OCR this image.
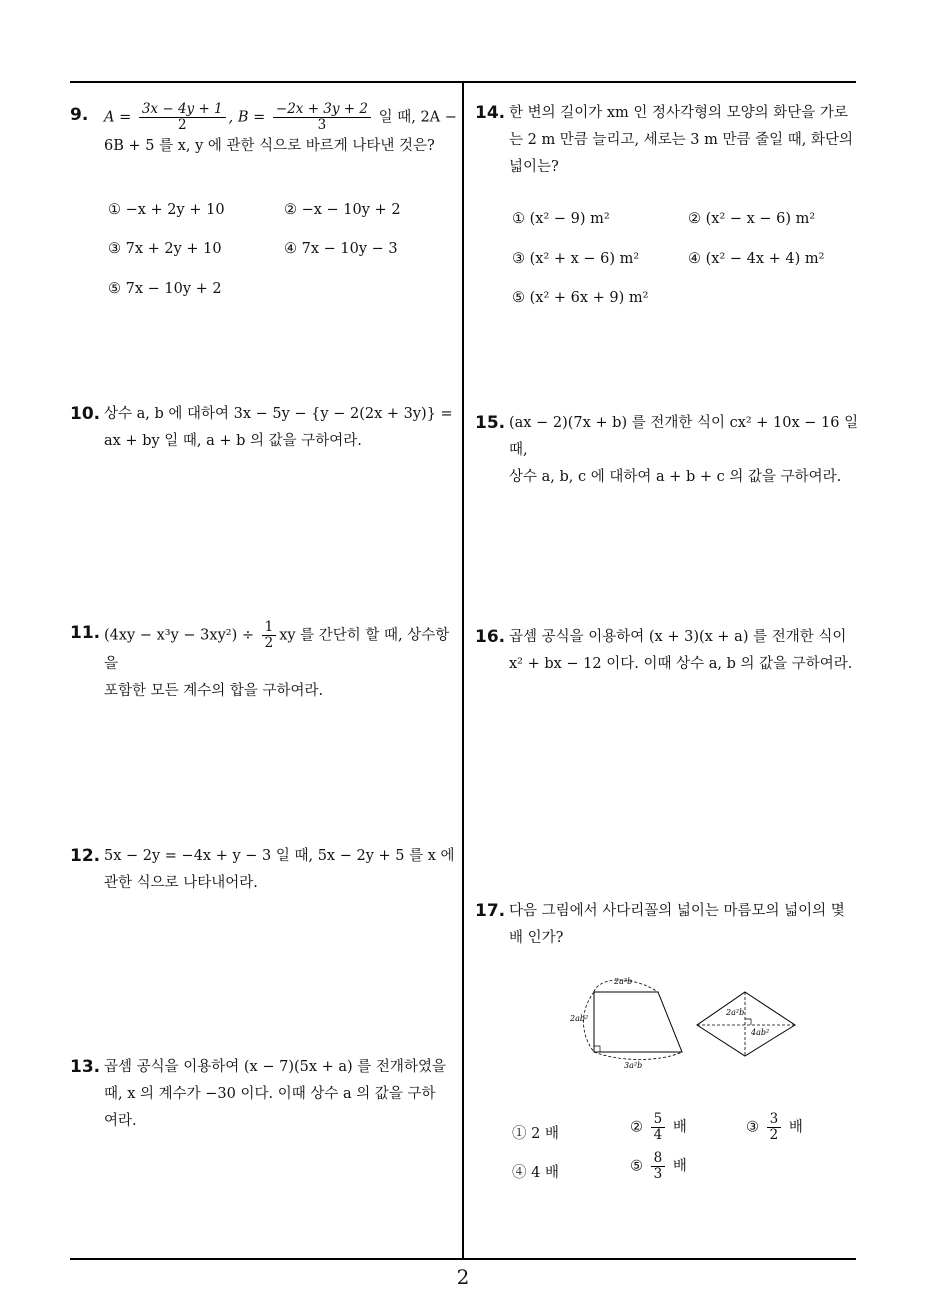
9. $A = \frac{3x - 4y + 1}{2}$ , $B = \frac{-2x + 3y + 2}{3}$ 일 때, 2A −
6B + 5 를 x, y 에 관한 식으로 바르게 나타낸 것은?
① −x + 2y + 10	② −x − 10y + 2
③ 7x + 2y + 10	④ 7x − 10y − 3
⑤ 7x − 10y + 2
10. 상수 a, b 에 대하여 3x − 5y − {y − 2(2x + 3y)} =
ax + by 일 때, a + b 의 값을 구하여라.
11. $(4xy - x^3y - 3xy^2) \div \frac{1}{2}$ xy 를 간단히 할 때, 상수항을
포함한 모든 계수의 합을 구하여라.
12. 5x − 2y = −4x + y − 3 일 때, 5x − 2y + 5 를 x 에
관한 식으로 나타내어라.
13. 곱셈 공식을 이용하여 (x − 7)(5x + a) 를 전개하였을
때, x 의 계수가 −30 이다. 이때 상수 a 의 값을 구하
여라.
14. 한 변의 길이가 xm 인 정사각형의 모양의 화단을 가로
는 2 m 만큼 늘리고, 세로는 3 m 만큼 줄일 때, 화단의
넓이는?
① (x² − 9) m²	② (x² − x − 6) m²
③ (x² + x − 6) m²	④ (x² − 4x + 4) m²
⑤ (x² + 6x + 9) m²
15. (ax − 2)(7x + b) 를 전개한 식이 cx² + 10x − 16 일 때,
상수 a, b, c 에 대하여 a + b + c 의 값을 구하여라.
16. 곱셈 공식을 이용하여 (x + 3)(x + a) 를 전개한 식이
x² + bx − 12 이다. 이때 상수 a, b 의 값을 구하여라.
17. 다음 그림에서 사다리꼴의 넓이는 마름모의 넓이의 몇
배 인가?
2a²b
2ab²
3a²b
2a²b
4ab²
① 2 배	② $\frac{5}{4}$ 배	③ $\frac{3}{2}$ 배
④ 4 배	⑤ $\frac{8}{3}$ 배
2
